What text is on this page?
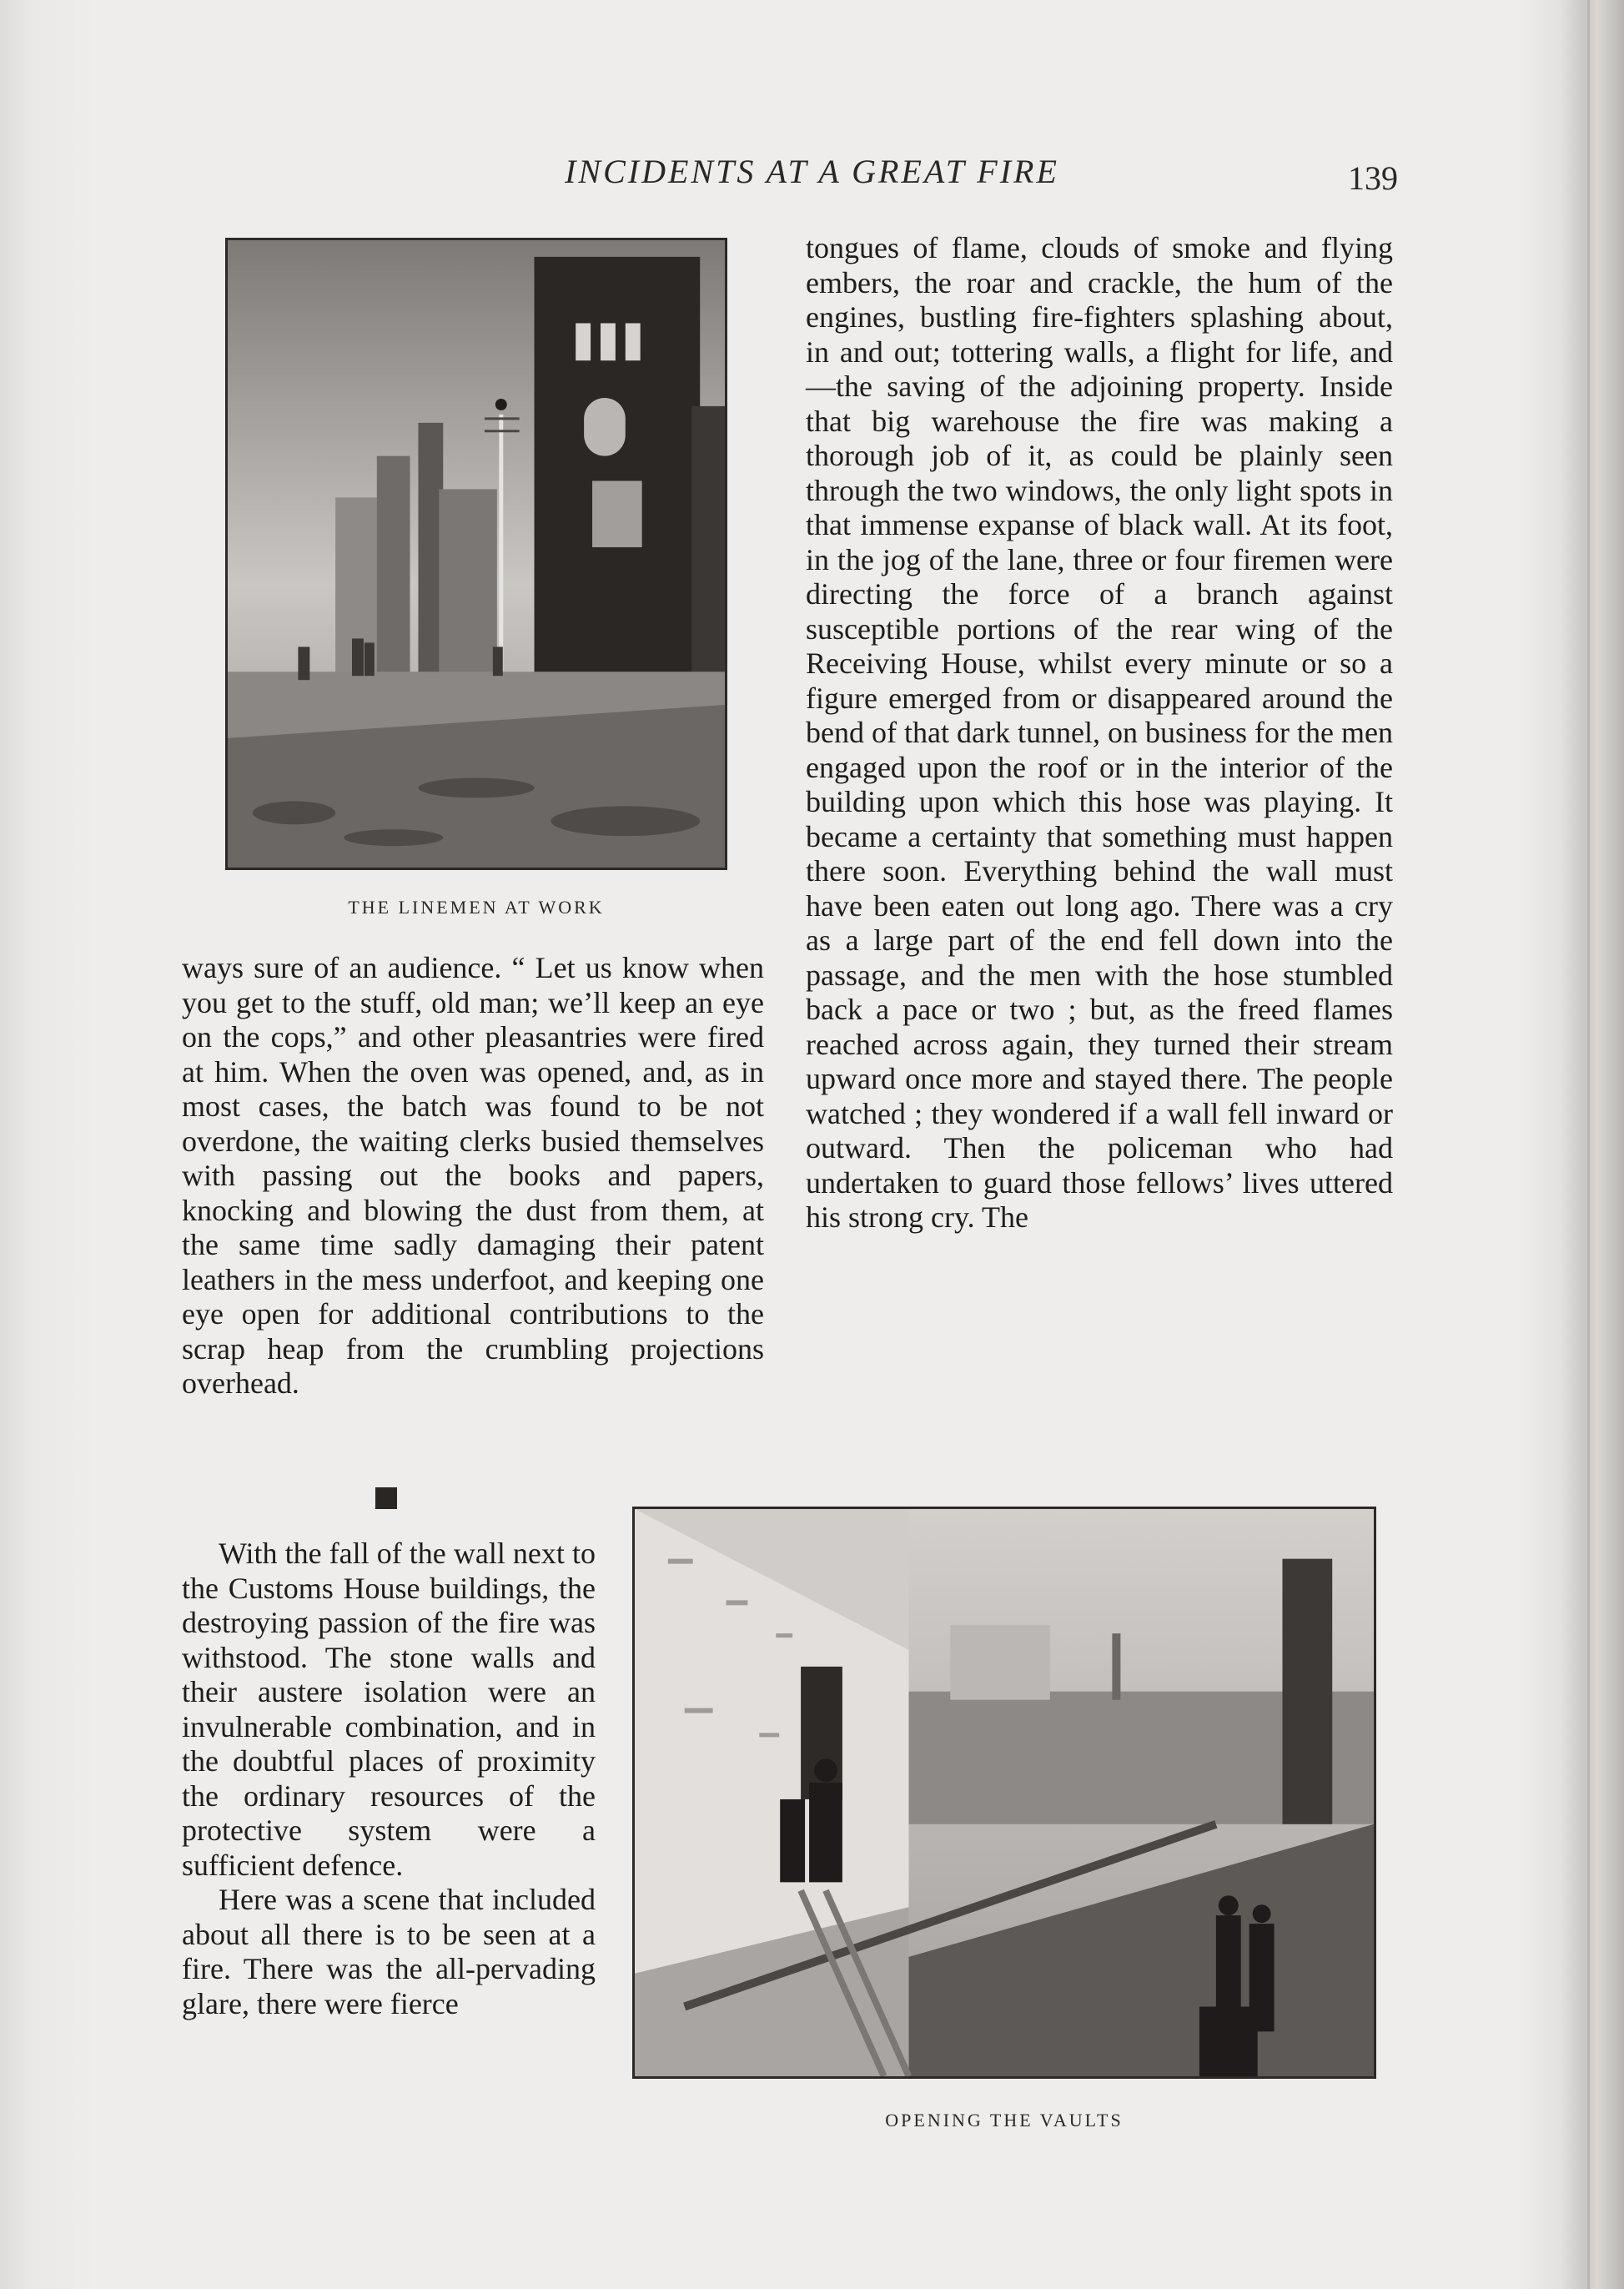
INCIDENTS AT A GREAT FIRE	139
THE LINEMEN AT WORK

ways sure of an audience. “ Let us know when you get to the stuff, old man; we’ll keep an eye on the cops,” and other pleasantries were fired at him. When the oven was opened, and, as in most cases, the batch was found to be not overdone, the waiting clerks busied themselves with passing out the books and papers, knocking and blowing the dust from them, at the same time sadly damaging their patent leathers in the mess underfoot, and keeping one eye open for additional contributions to the scrap heap from the crumbling projections overhead.

tongues of flame, clouds of smoke and flying embers, the roar and crackle, the hum of the engines, bustling fire-fighters splashing about, in and out; tottering walls, a flight for life, and—the saving of the adjoining property. Inside that big warehouse the fire was making a thorough job of it, as could be plainly seen through the two windows, the only light spots in that immense expanse of black wall. At its foot, in the jog of the lane, three or four firemen were directing the force of a branch against susceptible portions of the rear wing of the Receiving House, whilst every minute or so a figure emerged from or disappeared around the bend of that dark tunnel, on business for the men engaged upon the roof or in the interior of the building upon which this hose was playing. It became a certainty that something must happen there soon. Everything behind the wall must have been eaten out long ago. There was a cry as a large part of the end fell down into the passage, and the men with the hose stumbled back a pace or two ; but, as the freed flames reached across again, they turned their stream upward once more and stayed there. The people watched ; they wondered if a wall fell inward or outward. Then the policeman who had undertaken to guard those fellows’ lives uttered his strong cry. The

With the fall of the wall next to the Customs House buildings, the destroying passion of the fire was withstood. The stone walls and their austere isolation were an invulnerable combination, and in the doubtful places of proximity the ordinary resources of the protective system were a sufficient defence.

Here was a scene that included about all there is to be seen at a fire. There was the all-pervading glare, there were fierce

OPENING THE VAULTS
